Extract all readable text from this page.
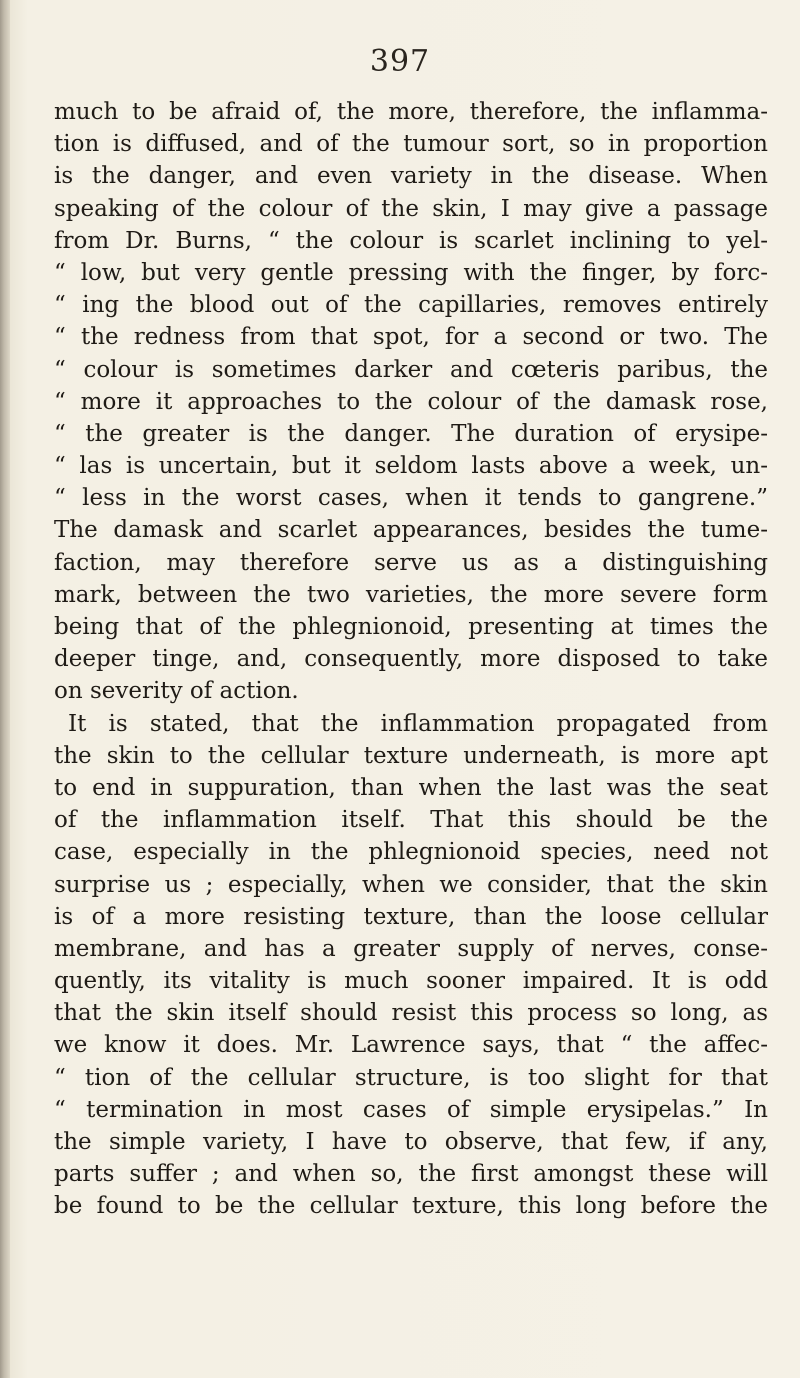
397
much to be afraid of, the more, therefore, the inflamma-
tion is diffused, and of the tumour sort, so in proportion
is the danger, and even variety in the disease. When
speaking of the colour of the skin, I may give a passage
from Dr. Burns, “ the colour is scarlet inclining to yel-
“ low, but very gentle pressing with the finger, by forc-
“ ing the blood out of the capillaries, removes entirely
“ the redness from that spot, for a second or two. The
“ colour is sometimes darker and cœteris paribus, the
“ more it approaches to the colour of the damask rose,
“ the greater is the danger. The duration of erysipe-
“ las is uncertain, but it seldom lasts above a week, un-
“ less in the worst cases, when it tends to gangrene.”
The damask and scarlet appearances, besides the tume-
faction, may therefore serve us as a distinguishing
mark, between the two varieties, the more severe form
being that of the phlegnionoid, presenting at times the
deeper tinge, and, consequently, more disposed to take
on severity of action.
It is stated, that the inflammation propagated from
the skin to the cellular texture underneath, is more apt
to end in suppuration, than when the last was the seat
of the inflammation itself. That this should be the
case, especially in the phlegnionoid species, need not
surprise us ; especially, when we consider, that the skin
is of a more resisting texture, than the loose cellular
membrane, and has a greater supply of nerves, conse-
quently, its vitality is much sooner impaired. It is odd
that the skin itself should resist this process so long, as
we know it does. Mr. Lawrence says, that “ the affec-
“ tion of the cellular structure, is too slight for that
“ termination in most cases of simple erysipelas.” In
the simple variety, I have to observe, that few, if any,
parts suffer ; and when so, the first amongst these will
be found to be the cellular texture, this long before the
